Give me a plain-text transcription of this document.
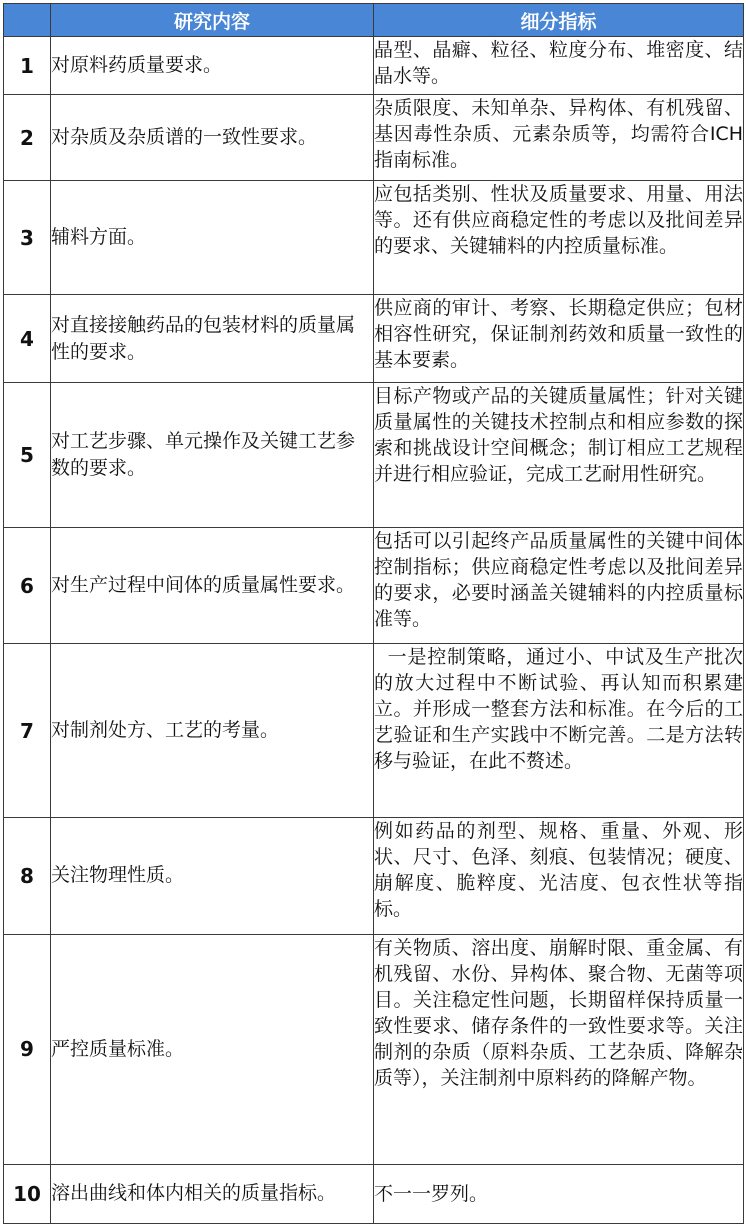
	研究内容	细分指标
1	对原料药质量要求。	晶型、晶癖、粒径、粒度分布、堆密度、结晶水等。
2	对杂质及杂质谱的一致性要求。	杂质限度、未知单杂、异构体、有机残留、基因毒性杂质、元素杂质等，均需符合ICH指南标准。
3	辅料方面。	应包括类别、性状及质量要求、用量、用法等。还有供应商稳定性的考虑以及批间差异的要求、关键辅料的内控质量标准。
4	对直接接触药品的包装材料的质量属性的要求。	供应商的审计、考察、长期稳定供应；包材相容性研究，保证制剂药效和质量一致性的基本要素。
5	对工艺步骤、单元操作及关键工艺参数的要求。	目标产物或产品的关键质量属性；针对关键质量属性的关键技术控制点和相应参数的探索和挑战设计空间概念；制订相应工艺规程并进行相应验证，完成工艺耐用性研究。
6	对生产过程中间体的质量属性要求。	包括可以引起终产品质量属性的关键中间体控制指标；供应商稳定性考虑以及批间差异的要求，必要时涵盖关键辅料的内控质量标准等。
7	对制剂处方、工艺的考量。	一是控制策略，通过小、中试及生产批次的放大过程中不断试验、再认知而积累建立。并形成一整套方法和标准。在今后的工艺验证和生产实践中不断完善。二是方法转移与验证，在此不赘述。
8	关注物理性质。	例如药品的剂型、规格、重量、外观、形状、尺寸、色泽、刻痕、包装情况；硬度、崩解度、脆粹度、光洁度、包衣性状等指标。
9	严控质量标准。	有关物质、溶出度、崩解时限、重金属、有机残留、水份、异构体、聚合物、无菌等项目。关注稳定性问题，长期留样保持质量一致性要求、储存条件的一致性要求等。关注制剂的杂质（原料杂质、工艺杂质、降解杂质等），关注制剂中原料药的降解产物。
10	溶出曲线和体内相关的质量指标。	不一一罗列。
